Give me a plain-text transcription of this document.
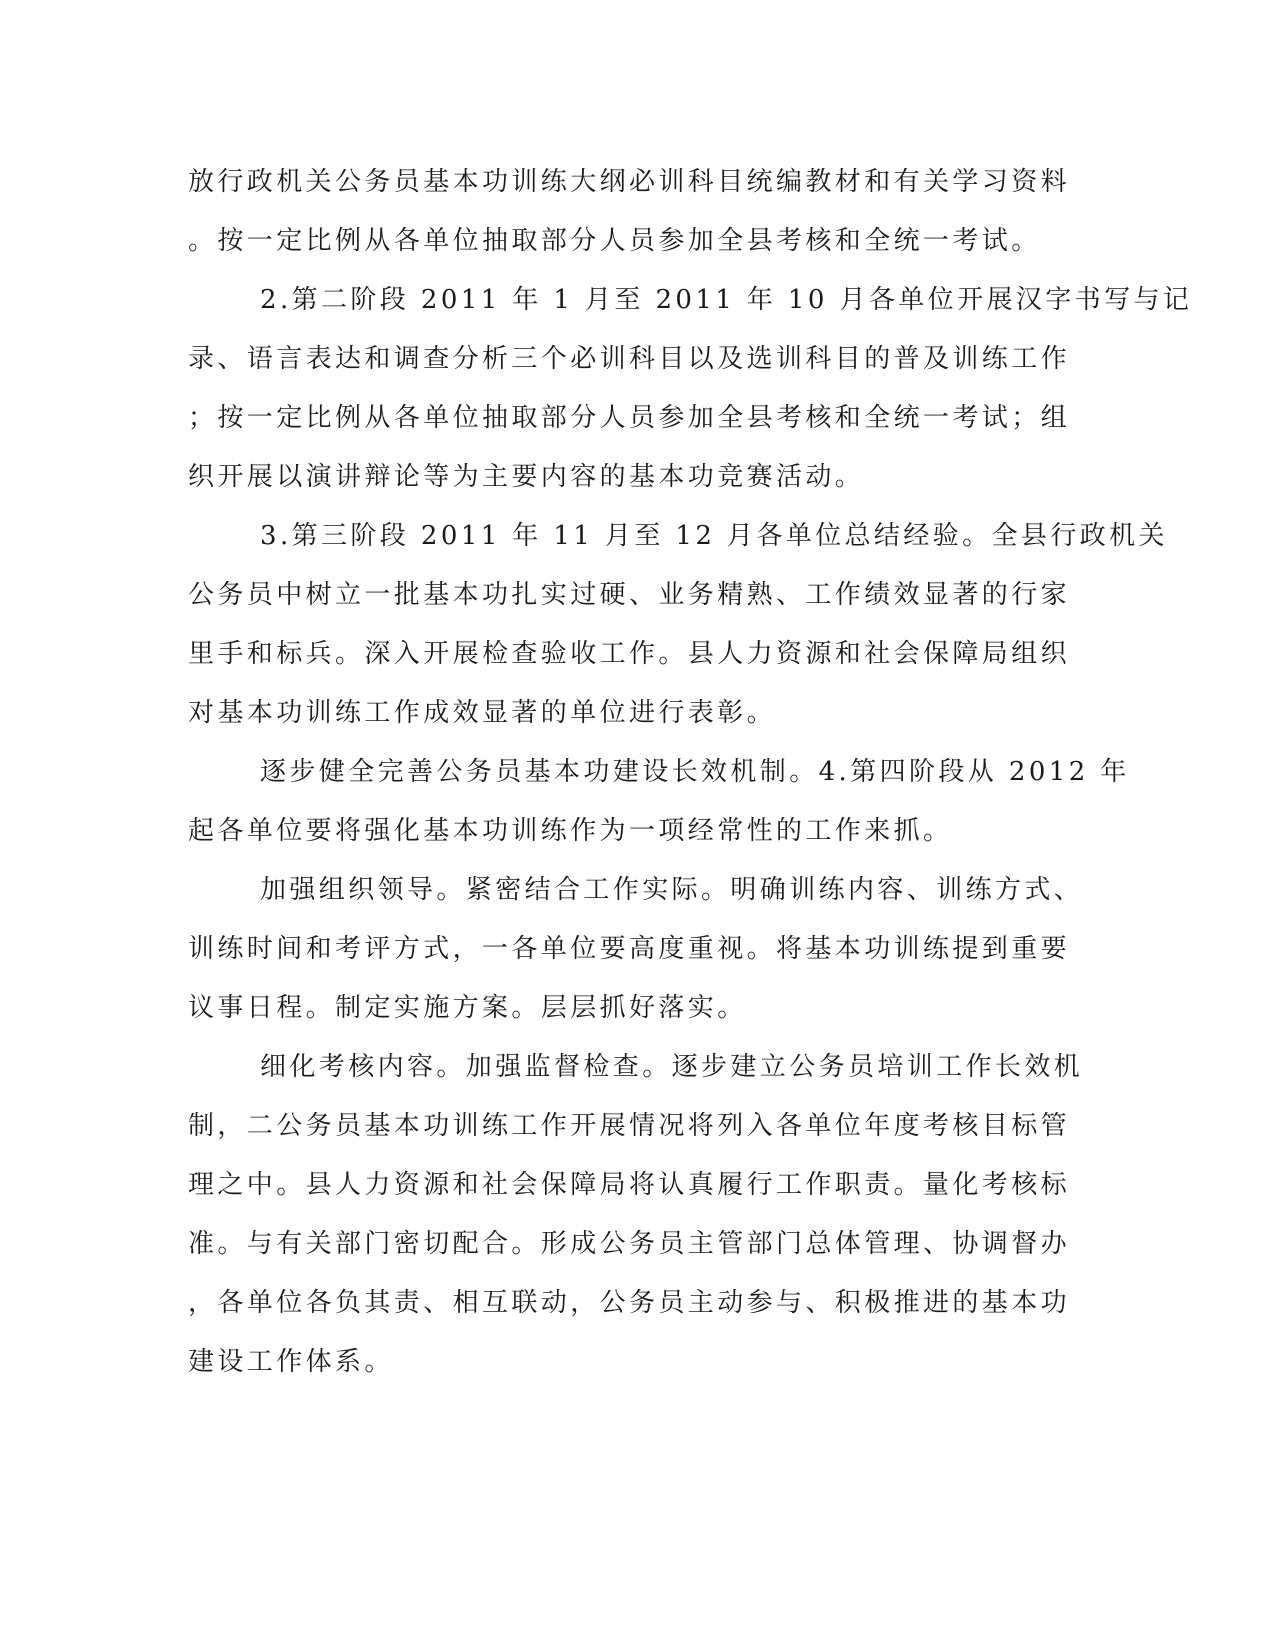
放行政机关公务员基本功训练大纲必训科目统编教材和有关学习资料
。按一定比例从各单位抽取部分人员参加全县考核和全统一考试。
2.第二阶段 2011 年 1 月至 2011 年 10 月各单位开展汉字书写与记
录、语言表达和调查分析三个必训科目以及选训科目的普及训练工作
；按一定比例从各单位抽取部分人员参加全县考核和全统一考试；组
织开展以演讲辩论等为主要内容的基本功竞赛活动。
3.第三阶段 2011 年 11 月至 12 月各单位总结经验。全县行政机关
公务员中树立一批基本功扎实过硬、业务精熟、工作绩效显著的行家
里手和标兵。深入开展检查验收工作。县人力资源和社会保障局组织
对基本功训练工作成效显著的单位进行表彰。
逐步健全完善公务员基本功建设长效机制。4.第四阶段从 2012 年
起各单位要将强化基本功训练作为一项经常性的工作来抓。
加强组织领导。紧密结合工作实际。明确训练内容、训练方式、
训练时间和考评方式，一各单位要高度重视。将基本功训练提到重要
议事日程。制定实施方案。层层抓好落实。
细化考核内容。加强监督检查。逐步建立公务员培训工作长效机
制，二公务员基本功训练工作开展情况将列入各单位年度考核目标管
理之中。县人力资源和社会保障局将认真履行工作职责。量化考核标
准。与有关部门密切配合。形成公务员主管部门总体管理、协调督办
，各单位各负其责、相互联动，公务员主动参与、积极推进的基本功
建设工作体系。
